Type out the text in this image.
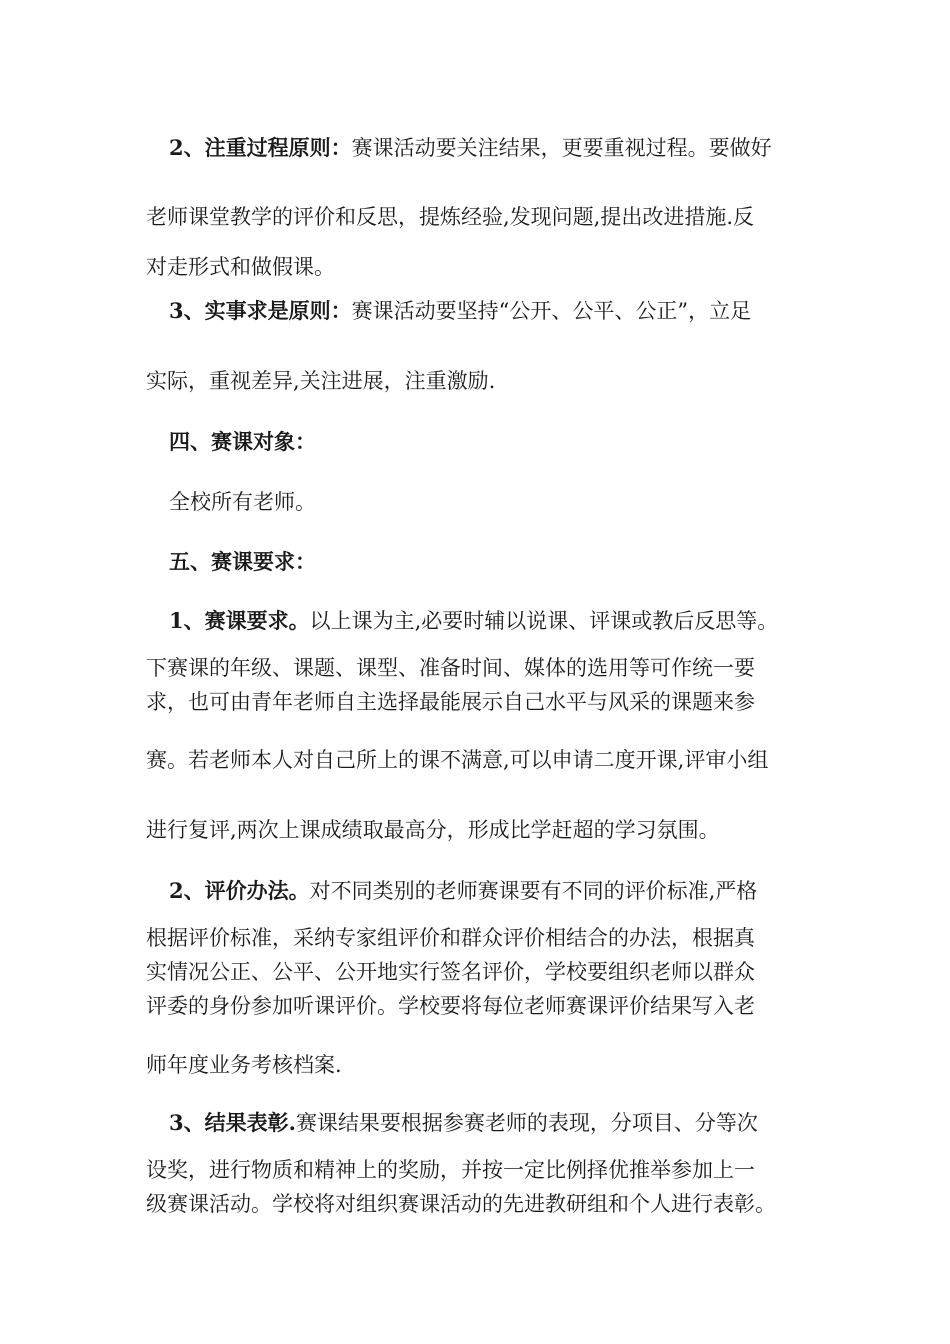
2、注重过程原则：赛课活动要关注结果，更要重视过程。要做好
老师课堂教学的评价和反思，提炼经验,发现问题,提出改进措施.反
对走形式和做假课。
3、实事求是原则：赛课活动要坚持“公开、公平、公正”，立足
实际，重视差异,关注进展，注重激励.
四、赛课对象：
全校所有老师。
五、赛课要求：
1、赛课要求。以上课为主,必要时辅以说课、评课或教后反思等。
下赛课的年级、课题、课型、准备时间、媒体的选用等可作统一要
求，也可由青年老师自主选择最能展示自己水平与风采的课题来参
赛。若老师本人对自己所上的课不满意,可以申请二度开课,评审小组
进行复评,两次上课成绩取最高分，形成比学赶超的学习氛围。
2、评价办法。对不同类别的老师赛课要有不同的评价标准,严格
根据评价标准，采纳专家组评价和群众评价相结合的办法，根据真
实情况公正、公平、公开地实行签名评价，学校要组织老师以群众
评委的身份参加听课评价。学校要将每位老师赛课评价结果写入老
师年度业务考核档案.
3、结果表彰.赛课结果要根据参赛老师的表现，分项目、分等次
设奖，进行物质和精神上的奖励，并按一定比例择优推举参加上一
级赛课活动。学校将对组织赛课活动的先进教研组和个人进行表彰。
